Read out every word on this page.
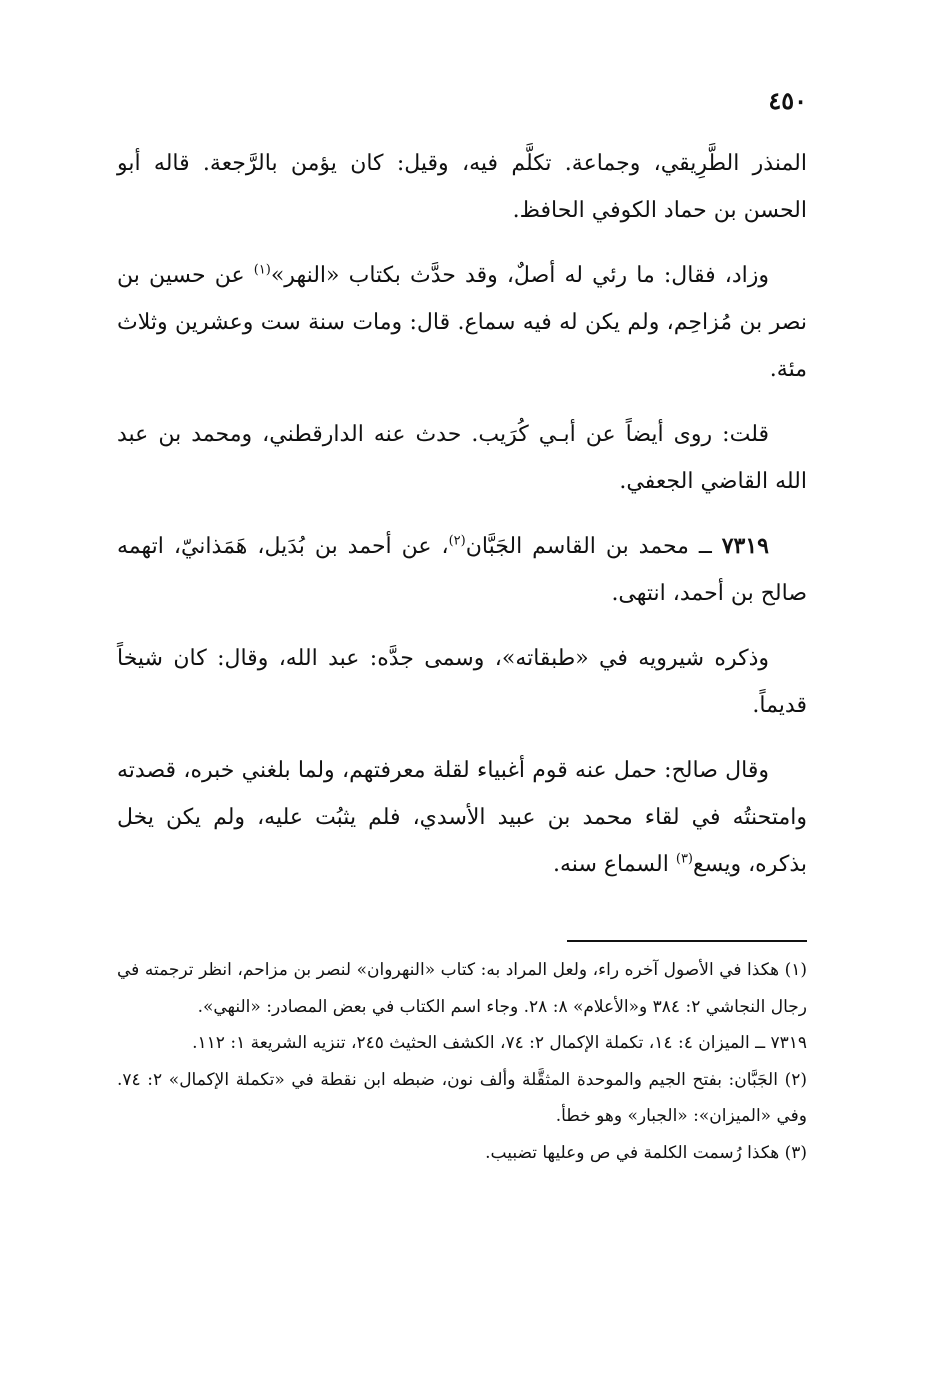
٤٥٠

المنذر الطَّرِيقي، وجماعة. تكلَّم فيه، وقيل: كان يؤمن بالرَّجعة. قاله أبو الحسن بن حماد الكوفي الحافظ.

وزاد، فقال: ما رئي له أصلٌ، وقد حدَّث بكتاب «النهر»$^{(١)}$ عن حسين بن نصر بن مُزاحِم، ولم يكن له فيه سماع. قال: ومات سنة ست وعشرين وثلاث مئة.

قلت: روى أيضاً عن أبـي كُرَيب. حدث عنه الدارقطني، ومحمد بن عبد الله القاضي الجعفي.

٧٣١٩ ــ محمد بن القاسم الجَبَّان$^{(٢)}$، عن أحمد بن بُدَيل، هَمَذانيّ، اتهمه صالح بن أحمد، انتهى.

وذكره شيرويه في «طبقاته»، وسمى جدَّه: عبد الله، وقال: كان شيخاً قديماً.

وقال صالح: حمل عنه قوم أغبياء لقلة معرفتهم، ولما بلغني خبره، قصدته وامتحنتُه في لقاء محمد بن عبيد الأسدي، فلم يثبُت عليه، ولم يكن يخل بذكره، ويسع$^{(٣)}$ السماع سنه.

(١) هكذا في الأصول آخره راء، ولعل المراد به: كتاب «النهروان» لنصر بن مزاحم، انظر ترجمته في رجال النجاشي ٢: ٣٨٤ و«الأعلام» ٨: ٢٨. وجاء اسم الكتاب في بعض المصادر: «النهي».

٧٣١٩ ــ الميزان ٤: ١٤، تكملة الإكمال ٢: ٧٤، الكشف الحثيث ٢٤٥، تنزيه الشريعة ١: ١١٢.

(٢) الجَبَّان: بفتح الجيم والموحدة المثقَّلة وألف نون، ضبطه ابن نقطة في «تكملة الإكمال» ٢: ٧٤. وفي «الميزان»: «الجبار» وهو خطأ.

(٣) هكذا رُسمت الكلمة في ص وعليها تضبيب.
